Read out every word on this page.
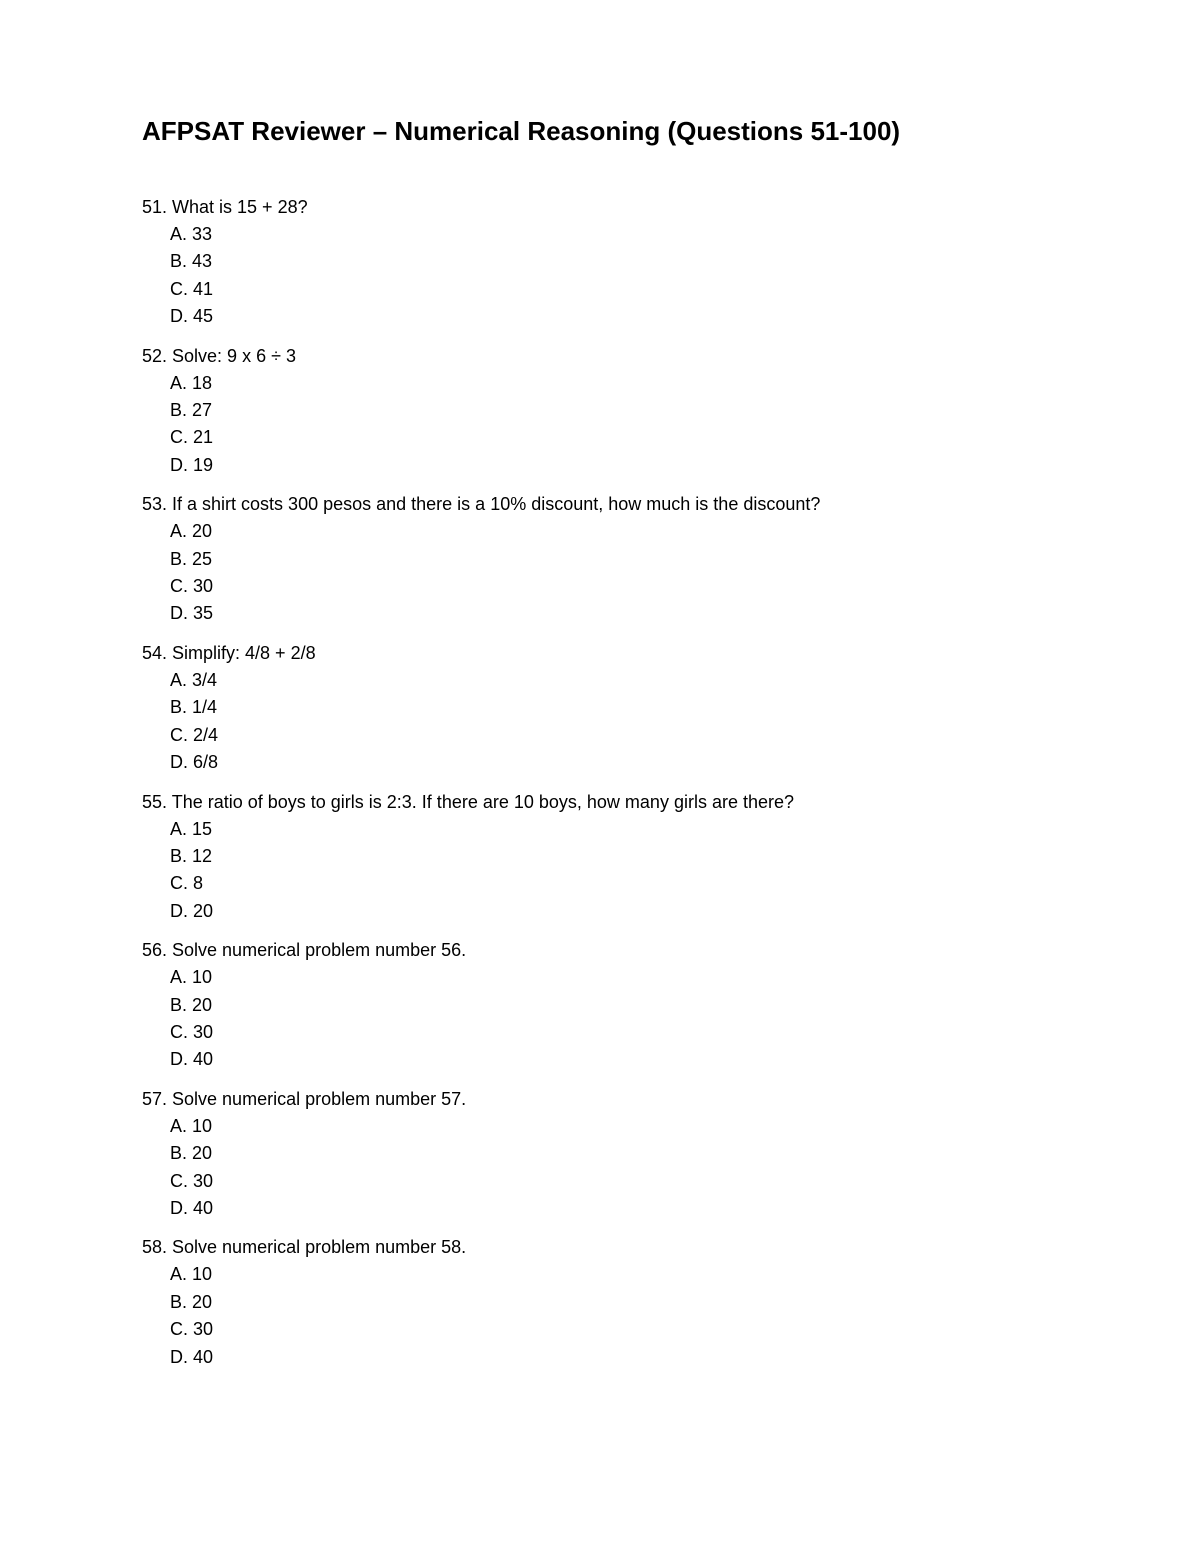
AFPSAT Reviewer – Numerical Reasoning (Questions 51-100)
51. What is 15 + 28?
A. 33
B. 43
C. 41
D. 45
52. Solve: 9 x 6 ÷ 3
A. 18
B. 27
C. 21
D. 19
53. If a shirt costs 300 pesos and there is a 10% discount, how much is the discount?
A. 20
B. 25
C. 30
D. 35
54. Simplify: 4/8 + 2/8
A. 3/4
B. 1/4
C. 2/4
D. 6/8
55. The ratio of boys to girls is 2:3. If there are 10 boys, how many girls are there?
A. 15
B. 12
C. 8
D. 20
56. Solve numerical problem number 56.
A. 10
B. 20
C. 30
D. 40
57. Solve numerical problem number 57.
A. 10
B. 20
C. 30
D. 40
58. Solve numerical problem number 58.
A. 10
B. 20
C. 30
D. 40
